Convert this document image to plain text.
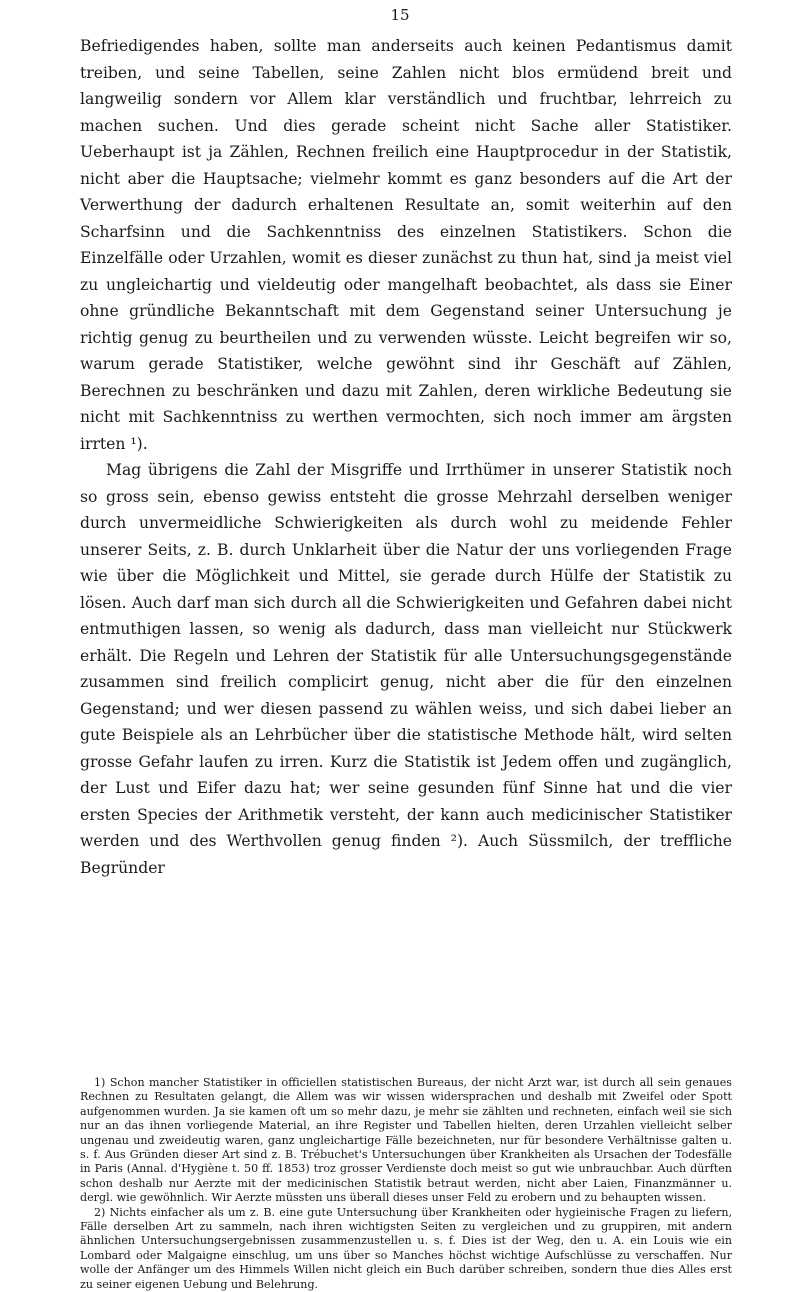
15

Befriedigendes haben, sollte man anderseits auch keinen Pedantismus damit treiben, und seine Tabellen, seine Zahlen nicht blos ermüdend breit und langweilig sondern vor Allem klar verständlich und fruchtbar, lehrreich zu machen suchen. Und dies gerade scheint nicht Sache aller Statistiker. Ueberhaupt ist ja Zählen, Rechnen freilich eine Hauptprocedur in der Statistik, nicht aber die Hauptsache; vielmehr kommt es ganz besonders auf die Art der Verwerthung der dadurch erhaltenen Resultate an, somit weiterhin auf den Scharfsinn und die Sachkenntniss des einzelnen Statistikers. Schon die Einzelfälle oder Urzahlen, womit es dieser zunächst zu thun hat, sind ja meist viel zu ungleichartig und vieldeutig oder mangelhaft beobachtet, als dass sie Einer ohne gründliche Bekanntschaft mit dem Gegenstand seiner Untersuchung je richtig genug zu beurtheilen und zu verwenden wüsste. Leicht begreifen wir so, warum gerade Statistiker, welche gewöhnt sind ihr Geschäft auf Zählen, Berechnen zu beschränken und dazu mit Zahlen, deren wirkliche Bedeutung sie nicht mit Sachkenntniss zu werthen vermochten, sich noch immer am ärgsten irrten ¹).

Mag übrigens die Zahl der Misgriffe und Irrthümer in unserer Statistik noch so gross sein, ebenso gewiss entsteht die grosse Mehrzahl derselben weniger durch unvermeidliche Schwierigkeiten als durch wohl zu meidende Fehler unserer Seits, z. B. durch Unklarheit über die Natur der uns vorliegenden Frage wie über die Möglichkeit und Mittel, sie gerade durch Hülfe der Statistik zu lösen. Auch darf man sich durch all die Schwierigkeiten und Gefahren dabei nicht entmuthigen lassen, so wenig als dadurch, dass man vielleicht nur Stückwerk erhält. Die Regeln und Lehren der Statistik für alle Untersuchungsgegenstände zusammen sind freilich complicirt genug, nicht aber die für den einzelnen Gegenstand; und wer diesen passend zu wählen weiss, und sich dabei lieber an gute Beispiele als an Lehrbücher über die statistische Methode hält, wird selten grosse Gefahr laufen zu irren. Kurz die Statistik ist Jedem offen und zugänglich, der Lust und Eifer dazu hat; wer seine gesunden fünf Sinne hat und die vier ersten Species der Arithmetik versteht, der kann auch medicinischer Statistiker werden und des Werthvollen genug finden ²). Auch Süssmilch, der treffliche Begründer

1) Schon mancher Statistiker in officiellen statistischen Bureaus, der nicht Arzt war, ist durch all sein genaues Rechnen zu Resultaten gelangt, die Allem was wir wissen widersprachen und deshalb mit Zweifel oder Spott aufgenommen wurden. Ja sie kamen oft um so mehr dazu, je mehr sie zählten und rechneten, einfach weil sie sich nur an das ihnen vorliegende Material, an ihre Register und Tabellen hielten, deren Urzahlen vielleicht selber ungenau und zweideutig waren, ganz ungleichartige Fälle bezeichneten, nur für besondere Verhältnisse galten u. s. f. Aus Gründen dieser Art sind z. B. Trébuchet's Untersuchungen über Krankheiten als Ursachen der Todesfälle in Paris (Annal. d'Hygiène t. 50 ff. 1853) troz grosser Verdienste doch meist so gut wie unbrauchbar. Auch dürften schon deshalb nur Aerzte mit der medicinischen Statistik betraut werden, nicht aber Laien, Finanzmänner u. dergl. wie gewöhnlich. Wir Aerzte müssten uns überall dieses unser Feld zu erobern und zu behaupten wissen.

2) Nichts einfacher als um z. B. eine gute Untersuchung über Krankheiten oder hygieinische Fragen zu liefern, Fälle derselben Art zu sammeln, nach ihren wichtigsten Seiten zu vergleichen und zu gruppiren, mit andern ähnlichen Untersuchungsergebnissen zusammenzustellen u. s. f. Dies ist der Weg, den u. A. ein Louis wie ein Lombard oder Malgaigne einschlug, um uns über so Manches höchst wichtige Aufschlüsse zu verschaffen. Nur wolle der Anfänger um des Himmels Willen nicht gleich ein Buch darüber schreiben, sondern thue dies Alles erst zu seiner eigenen Uebung und Belehrung.
